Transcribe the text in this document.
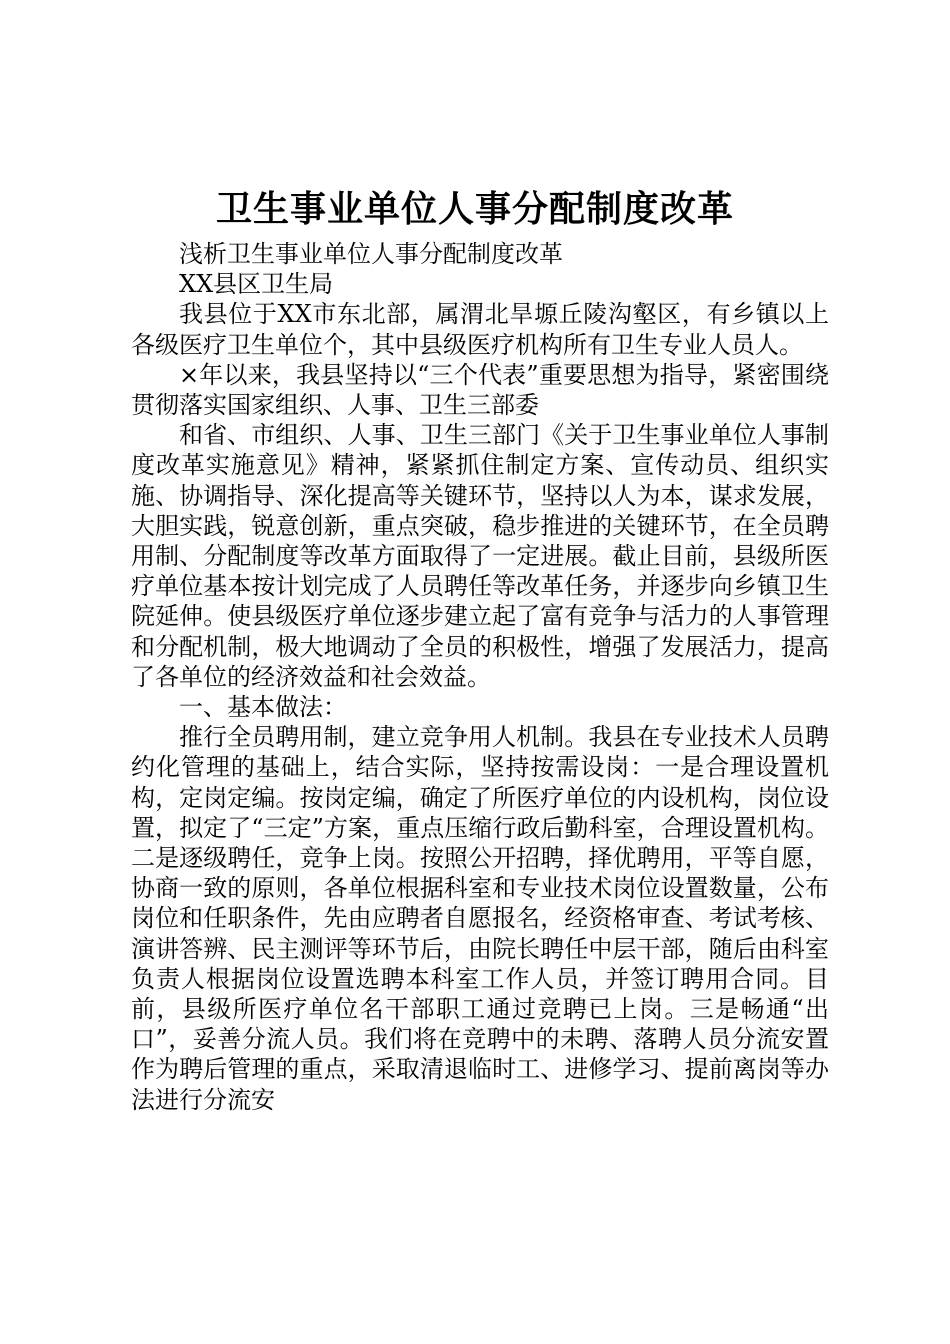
卫生事业单位人事分配制度改革

浅析卫生事业单位人事分配制度改革

XX县区卫生局

我县位于XX市东北部，属渭北旱塬丘陵沟壑区，有乡镇以上各级医疗卫生单位个，其中县级医疗机构所有卫生专业人员人。

×年以来，我县坚持以“三个代表”重要思想为指导，紧密围绕贯彻落实国家组织、人事、卫生三部委

和省、市组织、人事、卫生三部门《关于卫生事业单位人事制度改革实施意见》精神，紧紧抓住制定方案、宣传动员、组织实施、协调指导、深化提高等关键环节，坚持以人为本，谋求发展，大胆实践，锐意创新，重点突破，稳步推进的关键环节，在全员聘用制、分配制度等改革方面取得了一定进展。截止目前，县级所医疗单位基本按计划完成了人员聘任等改革任务，并逐步向乡镇卫生院延伸。使县级医疗单位逐步建立起了富有竞争与活力的人事管理和分配机制，极大地调动了全员的积极性，增强了发展活力，提高了各单位的经济效益和社会效益。

一、基本做法：

推行全员聘用制，建立竞争用人机制。我县在专业技术人员聘约化管理的基础上，结合实际，坚持按需设岗：一是合理设置机构，定岗定编。按岗定编，确定了所医疗单位的内设机构，岗位设置，拟定了“三定”方案，重点压缩行政后勤科室，合理设置机构。二是逐级聘任，竞争上岗。按照公开招聘，择优聘用，平等自愿，协商一致的原则，各单位根据科室和专业技术岗位设置数量，公布岗位和任职条件，先由应聘者自愿报名，经资格审查、考试考核、演讲答辨、民主测评等环节后，由院长聘任中层干部，随后由科室负责人根据岗位设置选聘本科室工作人员，并签订聘用合同。目前，县级所医疗单位名干部职工通过竞聘已上岗。三是畅通“出口”，妥善分流人员。我们将在竞聘中的未聘、落聘人员分流安置作为聘后管理的重点，采取清退临时工、进修学习、提前离岗等办法进行分流安
